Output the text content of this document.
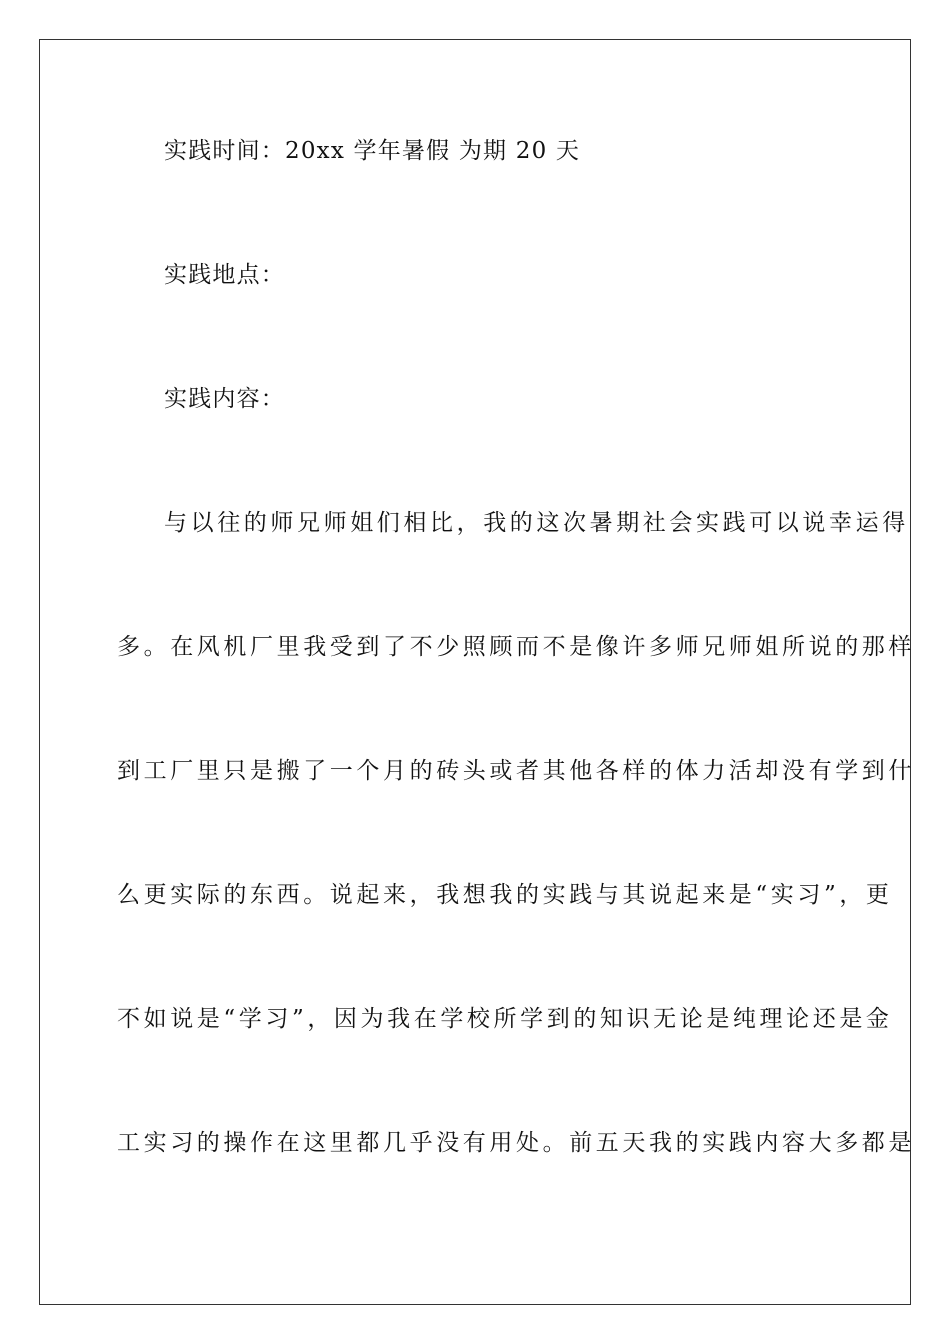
实践时间：20xx 学年暑假 为期 20 天
实践地点：
实践内容：
与以往的师兄师姐们相比，我的这次暑期社会实践可以说幸运得
多。在风机厂里我受到了不少照顾而不是像许多师兄师姐所说的那样
到工厂里只是搬了一个月的砖头或者其他各样的体力活却没有学到什
么更实际的东西。说起来，我想我的实践与其说起来是“实习”，更
不如说是“学习”，因为我在学校所学到的知识无论是纯理论还是金
工实习的操作在这里都几乎没有用处。前五天我的实践内容大多都是
